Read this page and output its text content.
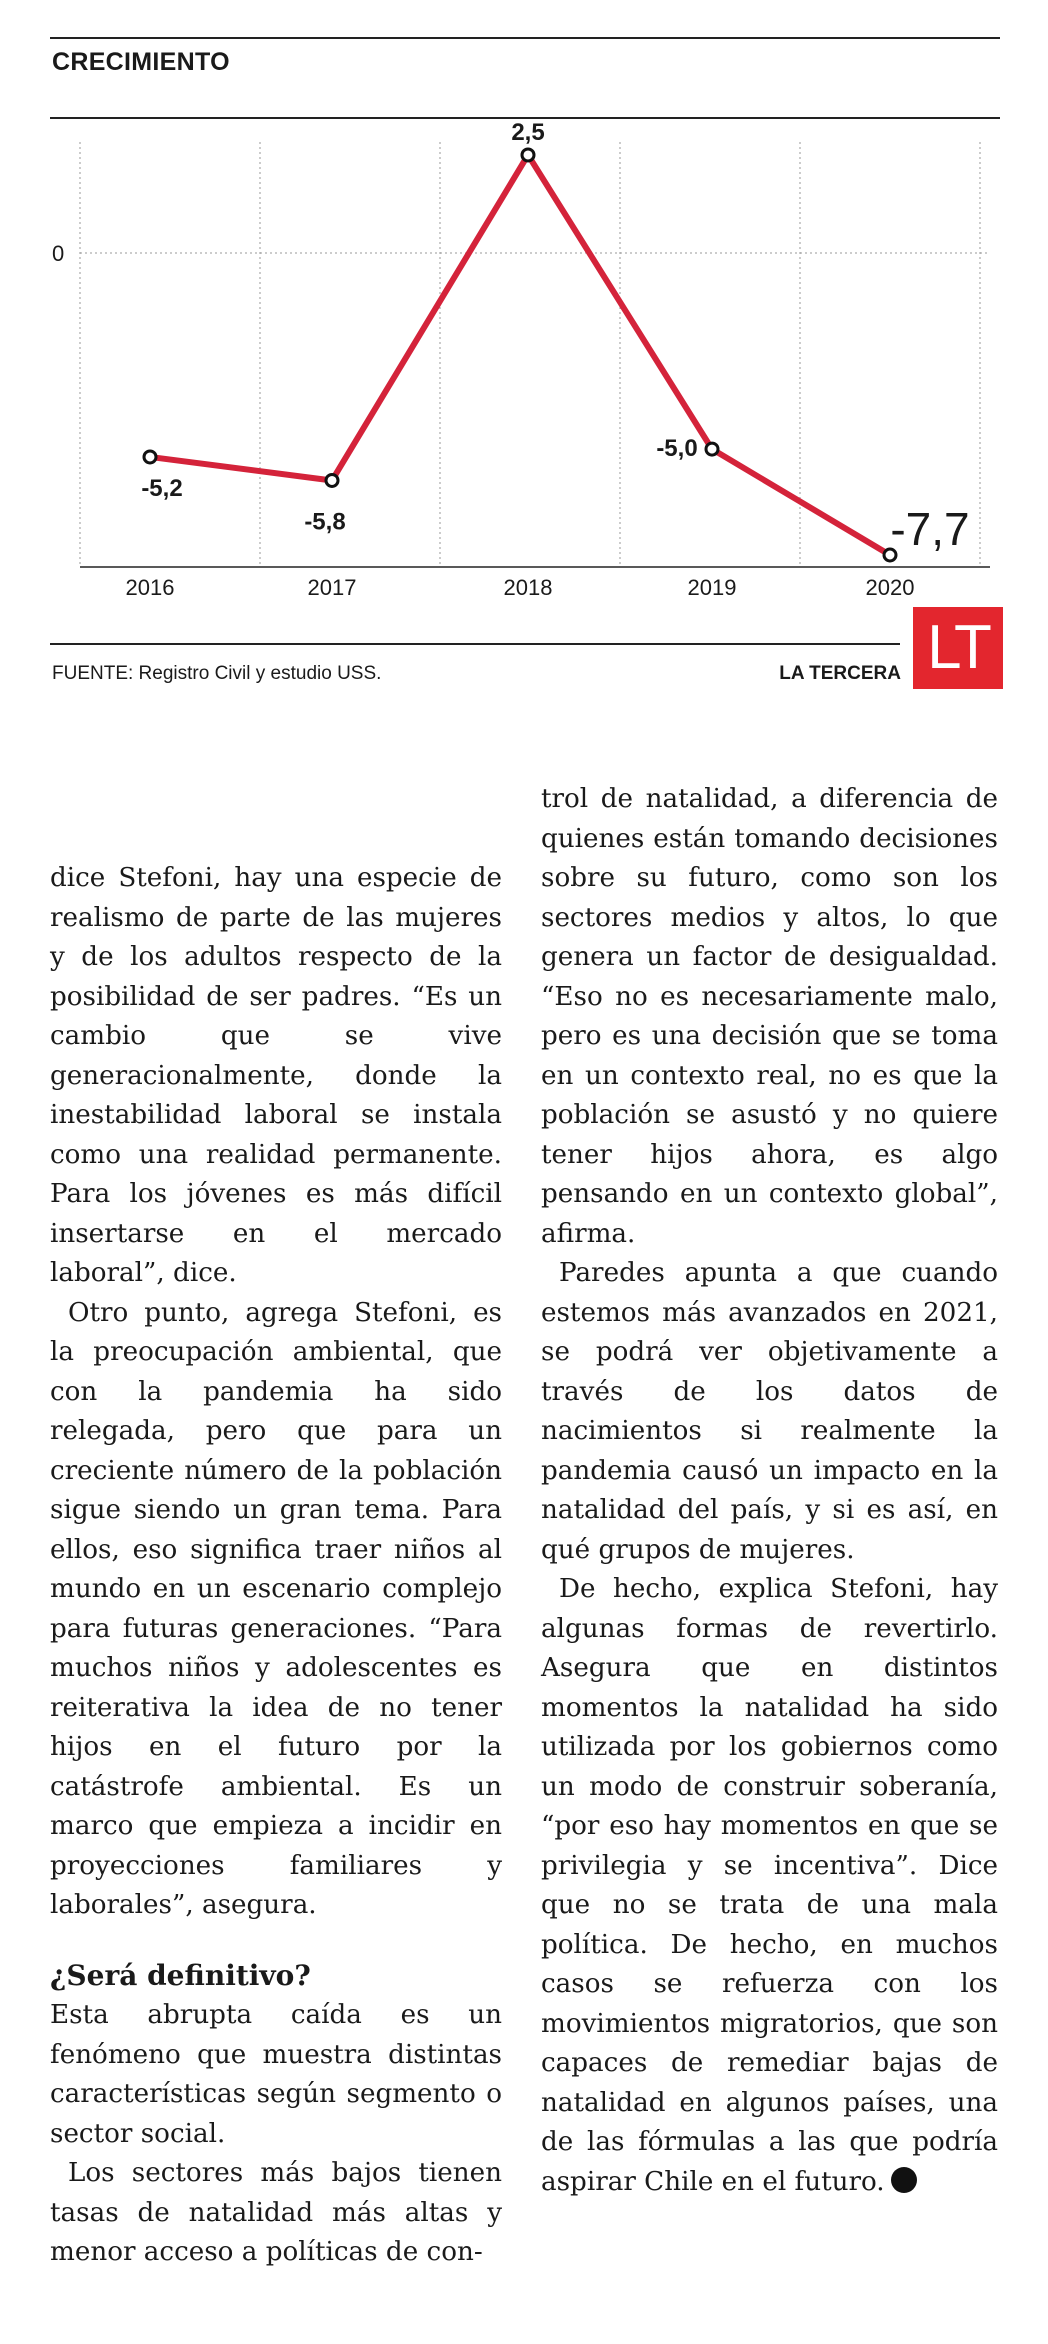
CRECIMIENTO
0
2016	2017	2018	2019	2020
-5,2
-5,8
2,5
-5,0
-7,7
FUENTE: Registro Civil y estudio USS.	LA TERCERA LT

dice Stefoni, hay una especie de realismo de parte de las mujeres y de los adultos respecto de la posibilidad de ser padres. “Es un cambio que se vive generacionalmente, donde la inestabilidad laboral se instala como una realidad permanente. Para los jóvenes es más difícil insertarse en el mercado laboral”, dice.

Otro punto, agrega Stefoni, es la preocupación ambiental, que con la pandemia ha sido relegada, pero que para un creciente número de la población sigue siendo un gran tema. Para ellos, eso significa traer niños al mundo en un escenario complejo para futuras generaciones. “Para muchos niños y adolescentes es reiterativa la idea de no tener hijos en el futuro por la catástrofe ambiental. Es un marco que empieza a incidir en proyecciones familiares y laborales”, asegura.

¿Será definitivo?

Esta abrupta caída es un fenómeno que muestra distintas características según segmento o sector social.

Los sectores más bajos tienen tasas de natalidad más altas y menor acceso a políticas de con-

trol de natalidad, a diferencia de quienes están tomando decisiones sobre su futuro, como son los sectores medios y altos, lo que genera un factor de desigualdad. “Eso no es necesariamente malo, pero es una decisión que se toma en un contexto real, no es que la población se asustó y no quiere tener hijos ahora, es algo pensando en un contexto global”, afirma.

Paredes apunta a que cuando estemos más avanzados en 2021, se podrá ver objetivamente a través de los datos de nacimientos si realmente la pandemia causó un impacto en la natalidad del país, y si es así, en qué grupos de mujeres.

De hecho, explica Stefoni, hay algunas formas de revertirlo. Asegura que en distintos momentos la natalidad ha sido utilizada por los gobiernos como un modo de construir soberanía, “por eso hay momentos en que se privilegia y se incentiva”. Dice que no se trata de una mala política. De hecho, en muchos casos se refuerza con los movimientos migratorios, que son capaces de remediar bajas de natalidad en algunos países, una de las fórmulas a las que podría aspirar Chile en el futuro.
